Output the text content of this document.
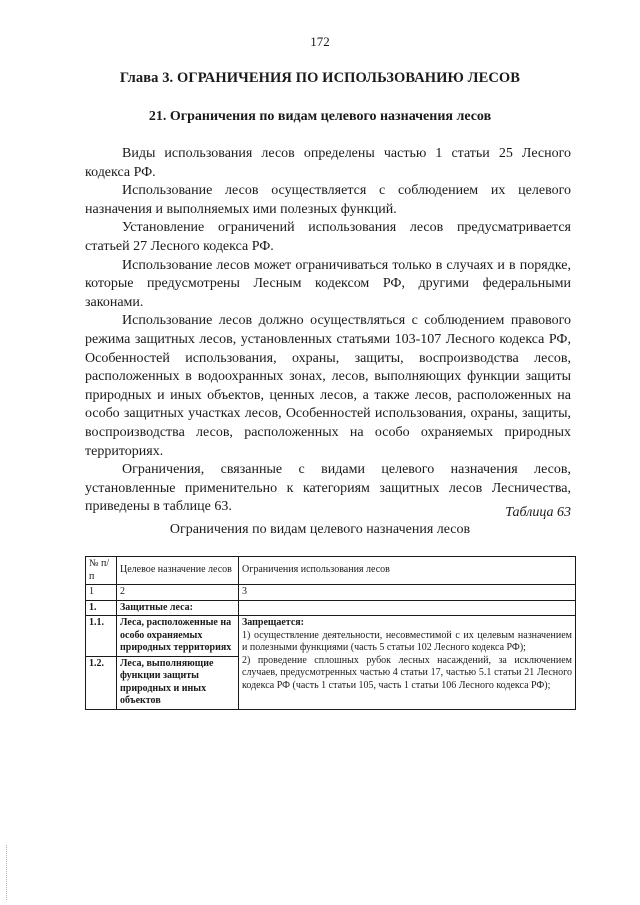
172
Глава 3. ОГРАНИЧЕНИЯ ПО ИСПОЛЬЗОВАНИЮ ЛЕСОВ
21. Ограничения по видам целевого назначения лесов

Виды использования лесов определены частью 1 статьи 25 Лесного кодекса РФ.

Использование лесов осуществляется с соблюдением их целевого назначения и выполняемых ими полезных функций.

Установление ограничений использования лесов предусматривается статьей 27 Лесного кодекса РФ.

Использование лесов может ограничиваться только в случаях и в порядке, которые предусмотрены Лесным кодексом РФ, другими федеральными законами.

Использование лесов должно осуществляться с соблюдением правового режима защитных лесов, установленных статьями 103-107 Лесного кодекса РФ, Особенностей использования, охраны, защиты, воспроизводства лесов, расположенных в водоохранных зонах, лесов, выполняющих функции защиты природных и иных объектов, ценных лесов, а также лесов, расположенных на особо защитных участках лесов, Особенностей использования, охраны, защиты, воспроизводства лесов, расположенных на особо охраняемых природных территориях.

Ограничения, связанные с видами целевого назначения лесов, установленные применительно к категориям защитных лесов Лесничества, приведены в таблице 63.	Таблица 63
Ограничения по видам целевого назначения лесов
№ п/п	Целевое назначение лесов	Ограничения использования лесов
1	2	3
1.	Защитные леса:	
1.1.	Леса, расположенные на особо охраняемых природных территориях	Запрещается:
1) осуществление деятельности, несовместимой с их целевым назначением и полезными функциями (часть 5 статьи 102 Лесного кодекса РФ);
2) проведение сплошных рубок лесных насаждений, за исключением случаев, предусмотренных частью 4 статьи 17, частью 5.1 статьи 21 Лесного кодекса РФ (часть 1 статьи 105, часть 1 статьи 106 Лесного кодекса РФ);

1.2.	Леса, выполняющие функции защиты природных и иных объектов	
